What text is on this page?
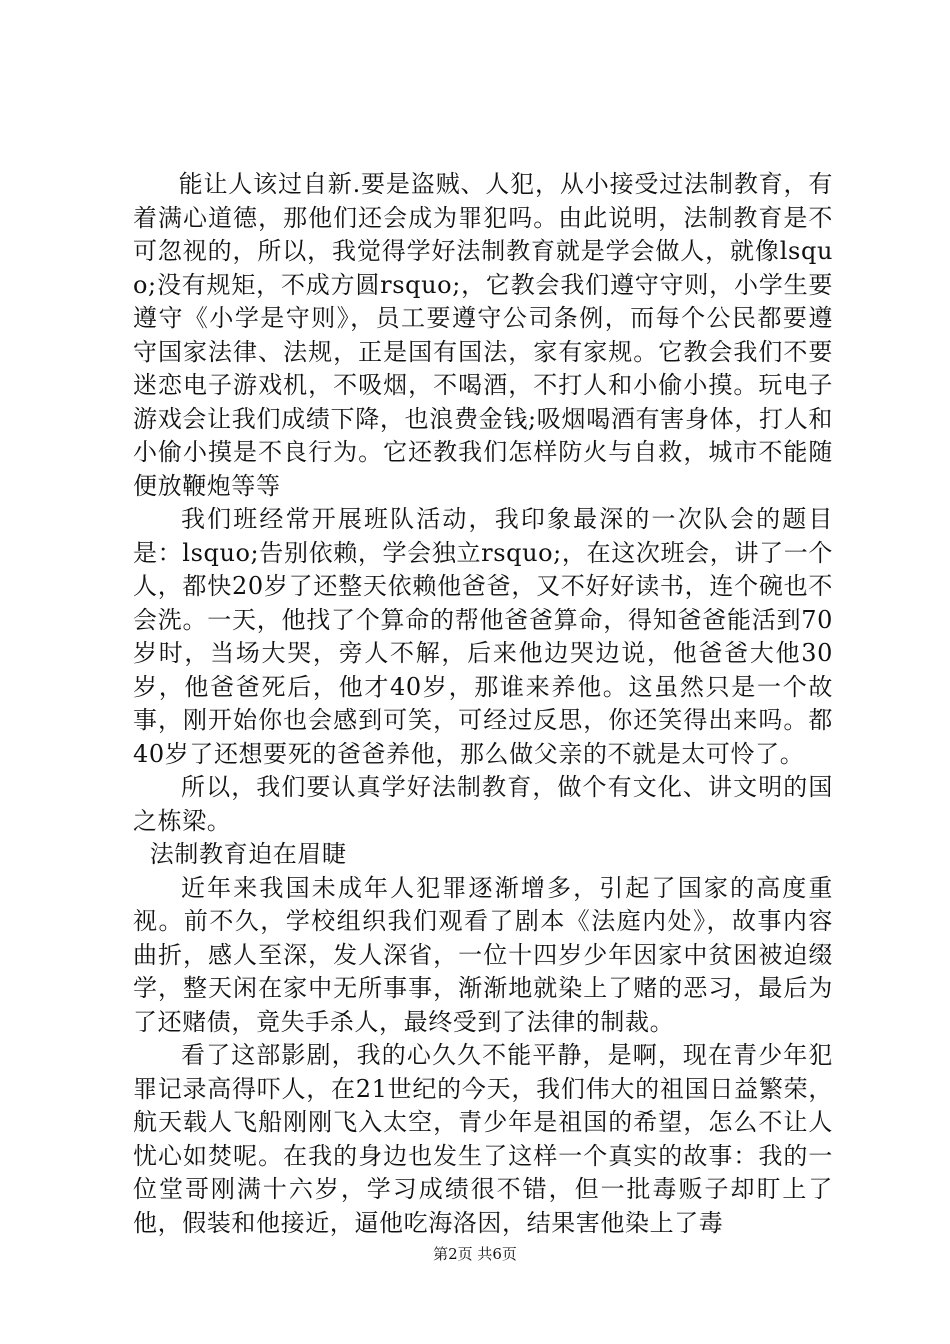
能让人该过自新.要是盗贼、人犯，从小接受过法制教育，有着满心道德，那他们还会成为罪犯吗。由此说明，法制教育是不可忽视的，所以，我觉得学好法制教育就是学会做人，就像lsquo;没有规矩，不成方圆rsquo;，它教会我们遵守守则，小学生要遵守《小学是守则》，员工要遵守公司条例，而每个公民都要遵守国家法律、法规，正是国有国法，家有家规。它教会我们不要迷恋电子游戏机，不吸烟，不喝酒，不打人和小偷小摸。玩电子游戏会让我们成绩下降，也浪费金钱;吸烟喝酒有害身体，打人和小偷小摸是不良行为。它还教我们怎样防火与自救，城市不能随便放鞭炮等等

我们班经常开展班队活动，我印象最深的一次队会的题目是：lsquo;告别依赖，学会独立rsquo;，在这次班会，讲了一个人，都快20岁了还整天依赖他爸爸，又不好好读书，连个碗也不会洗。一天，他找了个算命的帮他爸爸算命，得知爸爸能活到70岁时，当场大哭，旁人不解，后来他边哭边说，他爸爸大他30岁，他爸爸死后，他才40岁，那谁来养他。这虽然只是一个故事，刚开始你也会感到可笑，可经过反思，你还笑得出来吗。都40岁了还想要死的爸爸养他，那么做父亲的不就是太可怜了。

所以，我们要认真学好法制教育，做个有文化、讲文明的国之栋梁。

法制教育迫在眉睫

近年来我国未成年人犯罪逐渐增多，引起了国家的高度重视。前不久，学校组织我们观看了剧本《法庭内处》，故事内容曲折，感人至深，发人深省，一位十四岁少年因家中贫困被迫缀学，整天闲在家中无所事事，渐渐地就染上了赌的恶习，最后为了还赌债，竟失手杀人，最终受到了法律的制裁。

看了这部影剧，我的心久久不能平静，是啊，现在青少年犯罪记录高得吓人，在21世纪的今天，我们伟大的祖国日益繁荣，航天载人飞船刚刚飞入太空，青少年是祖国的希望，怎么不让人忧心如焚呢。在我的身边也发生了这样一个真实的故事：我的一位堂哥刚满十六岁，学习成绩很不错，但一批毒贩子却盯上了他，假装和他接近，逼他吃海洛因，结果害他染上了毒

第2页 共6页
